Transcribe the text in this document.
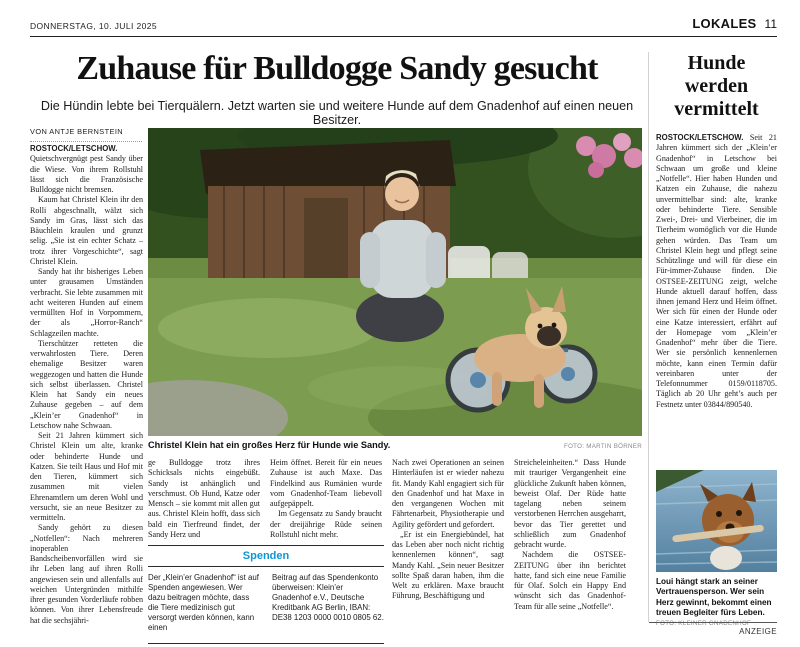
DONNERSTAG, 10. JULI 2025	LOKALES 11
Zuhause für Bulldogge Sandy gesucht

Die Hündin lebte bei Tierquälern. Jetzt warten sie und weitere Hunde auf dem Gnadenhof auf einen neuen Besitzer.

VON ANTJE BERNSTEIN

ROSTOCK/LETSCHOW. Quietschvergnügt pest Sandy über die Wiese. Von ihrem Rollstuhl lässt sich die Französische Bulldogge nicht bremsen.

Kaum hat Christel Klein ihr den Rolli abgeschnallt, wälzt sich Sandy im Gras, lässt sich das Bäuchlein kraulen und grunzt selig. „Sie ist ein echter Schatz – trotz ihrer Vorgeschichte“, sagt Christel Klein.

Sandy hat ihr bisheriges Leben unter grausamen Umständen verbracht. Sie lebte zusammen mit acht weiteren Hunden auf einem vermüllten Hof in Vorpommern, der als „Horror-Ranch“ Schlagzeilen machte.

Tierschützer retteten die verwahrlosten Tiere. Deren ehemalige Besitzer waren weggezogen und hatten die Hunde sich selbst überlassen. Christel Klein hat Sandy ein neues Zuhause gegeben – auf dem „Klein’er Gnadenhof“ in Letschow nahe Schwaan.

Seit 21 Jahren kümmert sich Christel Klein um alte, kranke oder behinderte Hunde und Katzen. Sie teilt Haus und Hof mit den Tieren, kümmert sich zusammen mit vielen Ehrenamtlern um deren Wohl und versucht, sie an neue Besitzer zu vermitteln.

Sandy gehört zu diesen „Notfellen“: Nach mehreren inoperablen Bandscheibenvorfällen wird sie ihr Leben lang auf ihren Rolli angewiesen sein und allenfalls auf weichen Untergründen mithilfe ihrer gesunden Vorderläufe robben können. Von ihrer Lebensfreude hat die sechsjähri-

Christel Klein hat ein großes Herz für Hunde wie Sandy.	FOTO: MARTIN BÖRNER

ge Bulldogge trotz ihres Schicksals nichts eingebüßt. Sandy ist anhänglich und verschmust. Ob Hund, Katze oder Mensch – sie kommt mit allen gut aus. Christel Klein hofft, dass sich bald ein Tierfreund findet, der Sandy Herz und

Heim öffnet. Bereit für ein neues Zuhause ist auch Maxe. Das Findelkind aus Rumänien wurde vom Gnadenhof-Team liebevoll aufgepäppelt.

Im Gegensatz zu Sandy braucht der dreijährige Rüde seinen Rollstuhl nicht mehr.

Nach zwei Operationen an seinen Hinterläufen ist er wieder nahezu fit. Mandy Kahl engagiert sich für den Gnadenhof und hat Maxe in den vergangenen Wochen mit Fährtenarbeit, Physiotherapie und Agility gefördert und gefordert.

„Er ist ein Energiebündel, hat das Leben aber noch nicht richtig kennenlernen können“, sagt Mandy Kahl. „Sein neuer Besitzer sollte Spaß daran haben, ihm die Welt zu erklären. Maxe braucht Führung, Beschäftigung und

Streicheleinheiten.“ Dass Hunde mit trauriger Vergangenheit eine glückliche Zukunft haben können, beweist Olaf. Der Rüde hatte tagelang neben seinem verstorbenen Herrchen ausgeharrt, bevor das Tier gerettet und schließlich zum Gnadenhof gebracht wurde.

Nachdem die OSTSEE-ZEITUNG über ihn berichtet hatte, fand sich eine neue Familie für Olaf. Solch ein Happy End wünscht sich das Gnadenhof-Team für alle seine „Notfelle“.

Spenden

Der „Klein’er Gnadenhof“ ist auf Spenden angewiesen. Wer dazu beitragen möchte, dass die Tiere medizinisch gut versorgt werden können, kann einen

Beitrag auf das Spendenkonto überweisen: Klein’er Gnadenhof e.V., Deutsche Kreditbank AG Berlin, IBAN: DE38 1203 0000 0010 0805 62.

Hunde werden vermittelt

ROSTOCK/LETSCHOW. Seit 21 Jahren kümmert sich der „Klein’er Gnadenhof“ in Letschow bei Schwaan um große und kleine „Notfelle“. Hier haben Hunden und Katzen ein Zuhause, die nahezu unvermittelbar sind: alte, kranke oder behinderte Tiere. Sensible Zwei-, Drei- und Vierbeiner, die im Tierheim womöglich vor die Hunde gehen würden. Das Team um Christel Klein hegt und pflegt seine Schützlinge und will für diese ein Für-immer-Zuhause finden. Die OSTSEE-ZEITUNG zeigt, welche Hunde aktuell darauf hoffen, dass ihnen jemand Herz und Heim öffnet. Wer sich für einen der Hunde oder eine Katze interessiert, erfährt auf der Homepage vom „Klein’er Gnadenhof“ mehr über die Tiere. Wer sie persönlich kennenlernen möchte, kann einen Termin dafür vereinbaren unter der Telefonnummer 0159/0118705. Täglich ab 20 Uhr geht’s auch per Festnetz unter 03844/890540.

Loui hängt stark an seiner Vertrauensperson. Wer sein Herz gewinnt, bekommt einen treuen Begleiter fürs Leben. FOTO: KLEINER GNADENHOF

ANZEIGE
